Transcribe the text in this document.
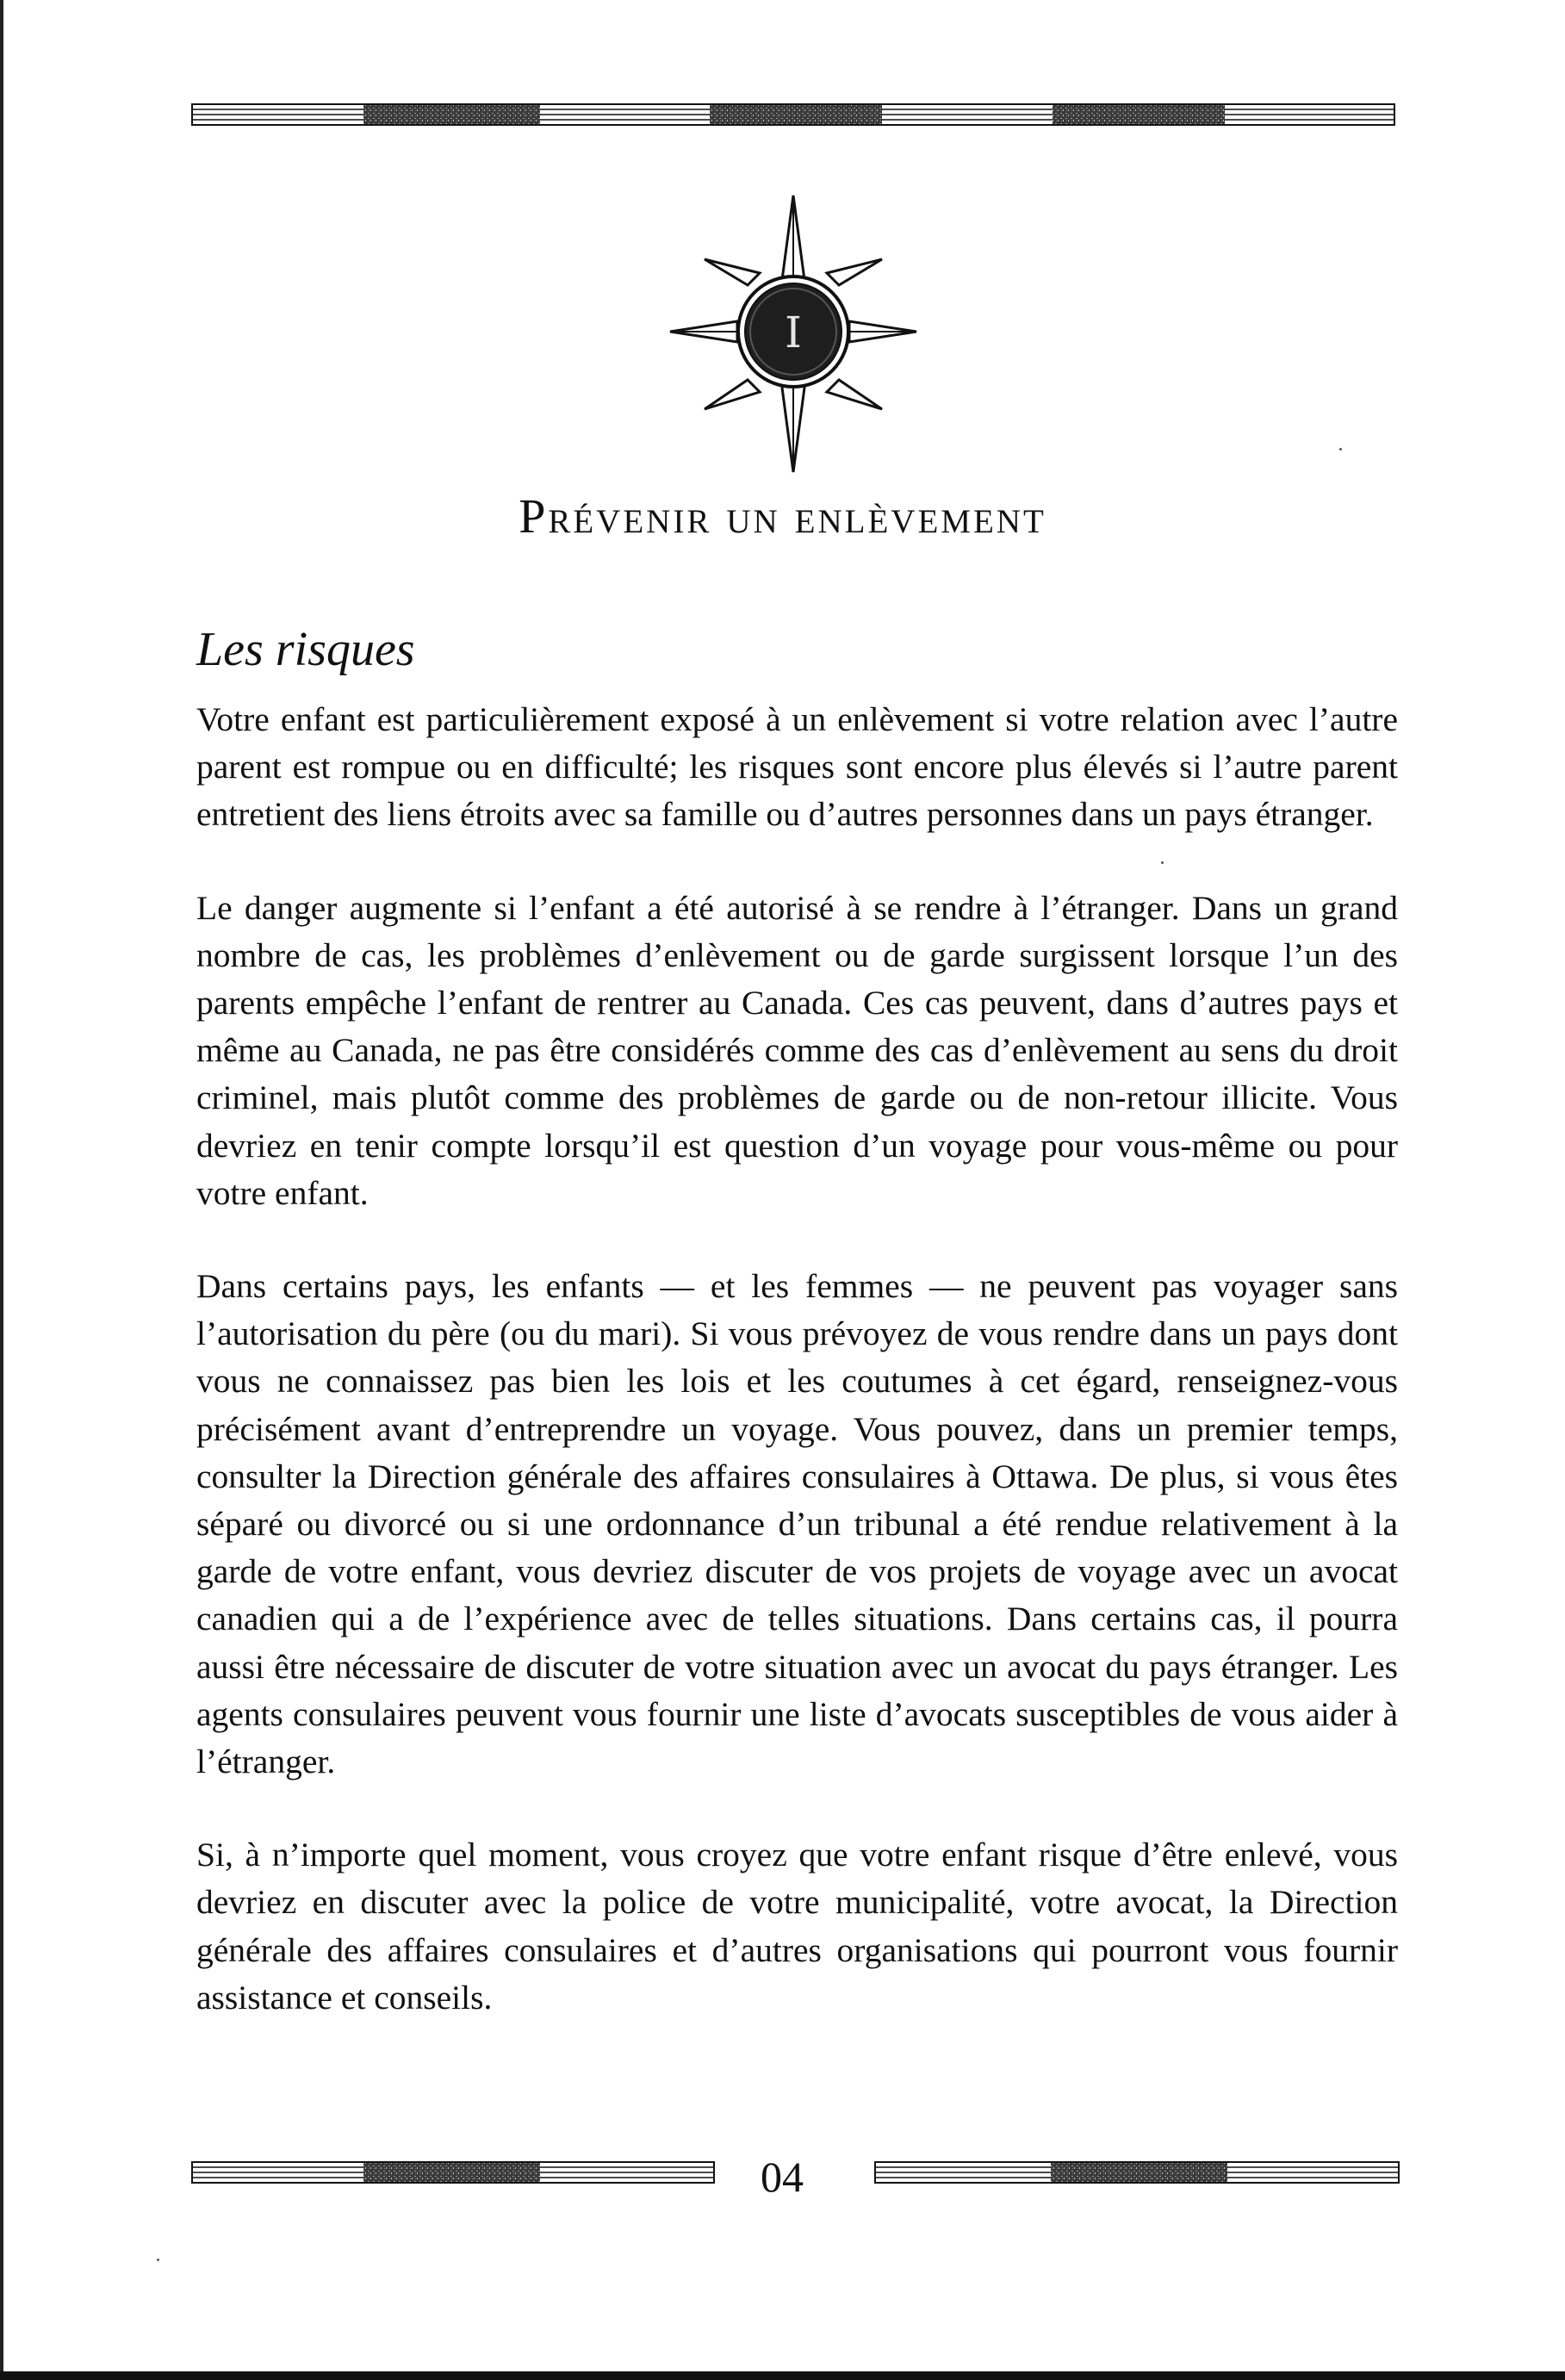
I
Prévenir un enlèvement
Les risques

Votre enfant est particulièrement exposé à un enlèvement si votre relation avec l’autre parent est rompue ou en difficulté; les risques sont encore plus élevés si l’autre parent entretient des liens étroits avec sa famille ou d’autres personnes dans un pays étranger.

Le danger augmente si l’enfant a été autorisé à se rendre à l’étranger. Dans un grand nombre de cas, les problèmes d’enlèvement ou de garde surgissent lorsque l’un des parents empêche l’enfant de rentrer au Canada. Ces cas peuvent, dans d’autres pays et même au Canada, ne pas être considérés comme des cas d’enlèvement au sens du droit criminel, mais plutôt comme des problèmes de garde ou de non-retour illicite. Vous devriez en tenir compte lorsqu’il est question d’un voyage pour vous-même ou pour votre enfant.

Dans certains pays, les enfants — et les femmes — ne peuvent pas voyager sans l’autorisation du père (ou du mari). Si vous prévoyez de vous rendre dans un pays dont vous ne connaissez pas bien les lois et les coutumes à cet égard, renseignez-vous précisément avant d’entreprendre un voyage. Vous pouvez, dans un premier temps, consulter la Direction générale des affaires consulaires à Ottawa. De plus, si vous êtes séparé ou divorcé ou si une ordonnance d’un tribunal a été rendue relativement à la garde de votre enfant, vous devriez discuter de vos projets de voyage avec un avocat canadien qui a de l’expérience avec de telles situations. Dans certains cas, il pourra aussi être nécessaire de discuter de votre situation avec un avocat du pays étranger. Les agents consulaires peuvent vous fournir une liste d’avocats susceptibles de vous aider à l’étranger.

Si, à n’importe quel moment, vous croyez que votre enfant risque d’être enlevé, vous devriez en discuter avec la police de votre municipalité, votre avocat, la Direction générale des affaires consulaires et d’autres organisations qui pourront vous fournir assistance et conseils.

04
